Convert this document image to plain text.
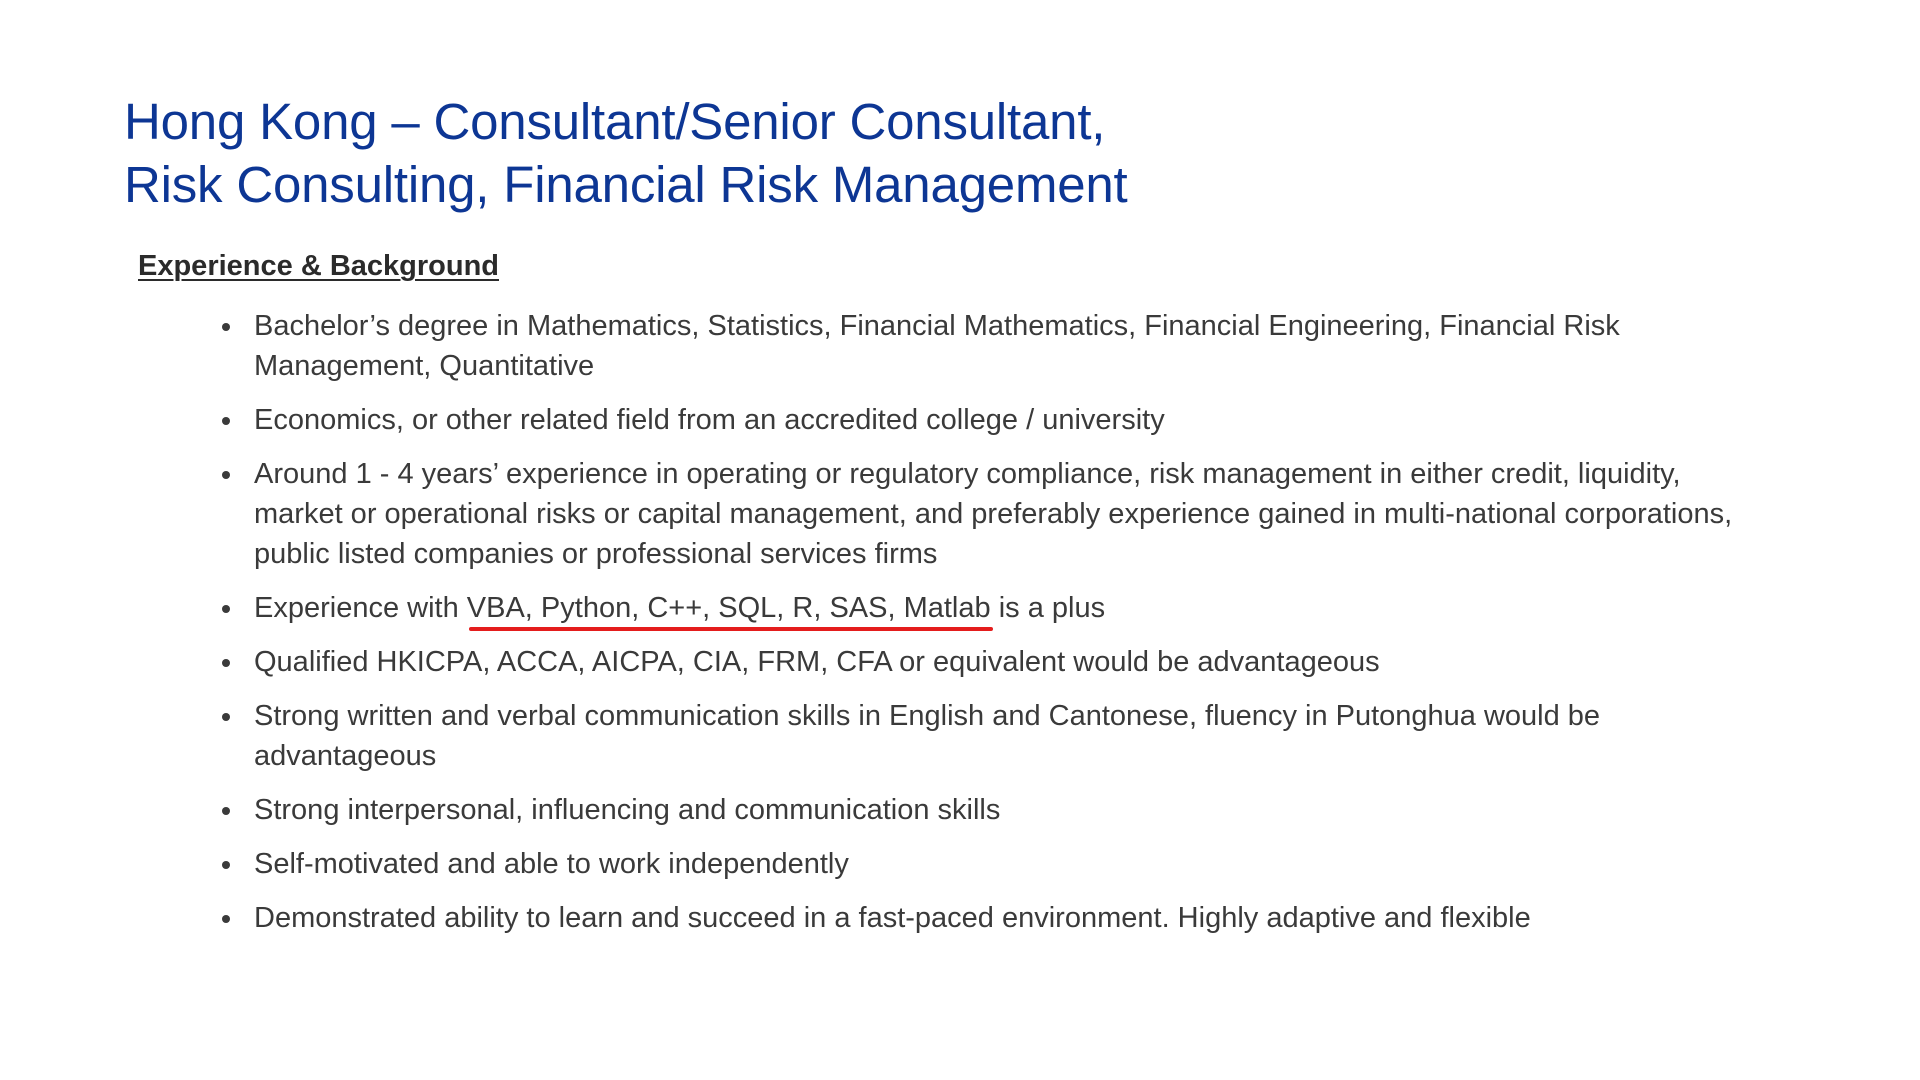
Hong Kong – Consultant/Senior Consultant,
Risk Consulting, Financial Risk Management
Experience & Background
Bachelor’s degree in Mathematics, Statistics, Financial Mathematics, Financial Engineering, Financial Risk Management, Quantitative
Economics, or other related field from an accredited college / university
Around 1 - 4 years’ experience in operating or regulatory compliance, risk management in either credit, liquidity, market or operational risks or capital management, and preferably experience gained in multi-national corporations, public listed companies or professional services firms
Experience with VBA, Python, C++, SQL, R, SAS, Matlab
is a plus
Qualified HKICPA, ACCA, AICPA, CIA, FRM, CFA or equivalent would be advantageous
Strong written and verbal communication skills in English and Cantonese, fluency in Putonghua would be advantageous
Strong interpersonal, influencing and communication skills
Self-motivated and able to work independently
Demonstrated ability to learn and succeed in a fast-paced environment. Highly adaptive and flexible
